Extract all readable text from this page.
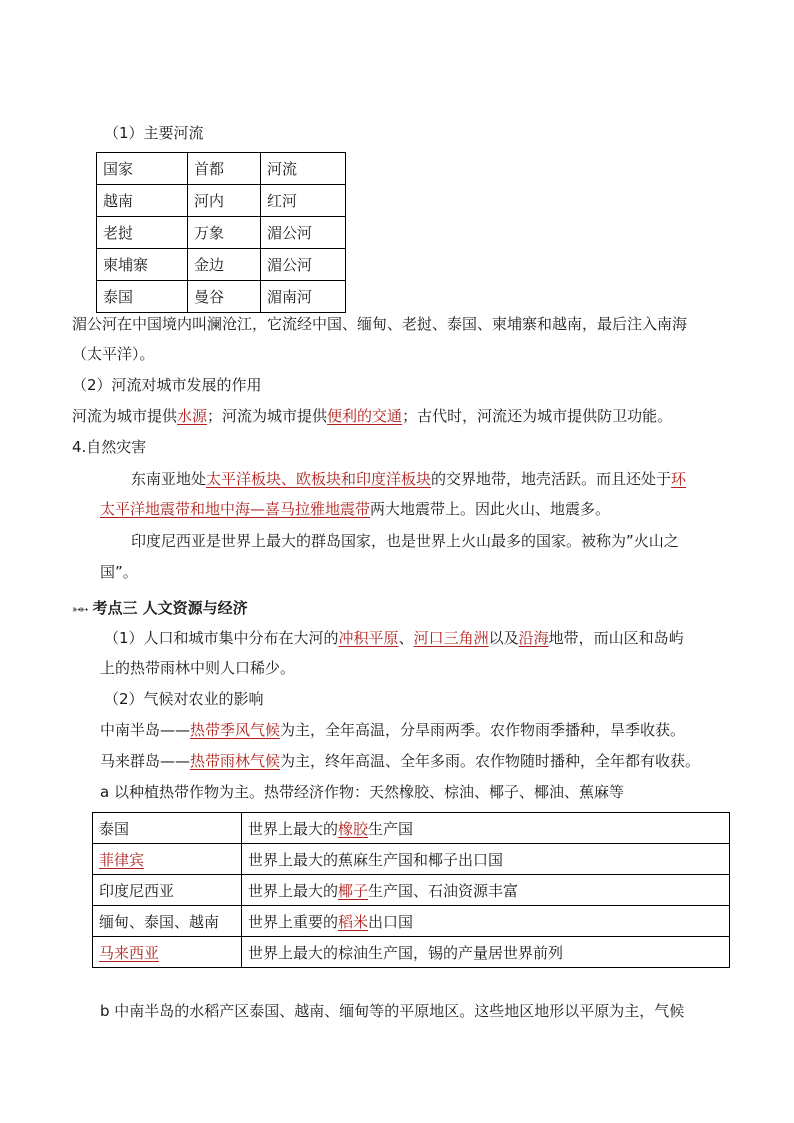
（1）主要河流
国家	首都	河流
越南	河内	红河
老挝	万象	湄公河
柬埔寨	金边	湄公河
泰国	曼谷	湄南河
湄公河在中国境内叫澜沧江，它流经中国、缅甸、老挝、泰国、柬埔寨和越南，最后注入南海
（太平洋）。
（2）河流对城市发展的作用
河流为城市提供水源；河流为城市提供便利的交通；古代时，河流还为城市提供防卫功能。
4.自然灾害
东南亚地处太平洋板块、欧板块和印度洋板块的交界地带，地壳活跃。而且还处于环
太平洋地震带和地中海—喜马拉雅地震带两大地震带上。因此火山、地震多。
印度尼西亚是世界上最大的群岛国家，也是世界上火山最多的国家。被称为”火山之
国”。
➳➳ 考点三 人文资源与经济
（1）人口和城市集中分布在大河的冲积平原、河口三角洲以及沿海地带，而山区和岛屿
上的热带雨林中则人口稀少。
（2）气候对农业的影响
中南半岛——热带季风气候为主，全年高温，分旱雨两季。农作物雨季播种，旱季收获。
马来群岛——热带雨林气候为主，终年高温、全年多雨。农作物随时播种，全年都有收获。
a 以种植热带作物为主。热带经济作物：天然橡胶、棕油、椰子、椰油、蕉麻等
泰国	世界上最大的橡胶生产国
菲律宾	世界上最大的蕉麻生产国和椰子出口国
印度尼西亚	世界上最大的椰子生产国、石油资源丰富
缅甸、泰国、越南	世界上重要的稻米出口国
马来西亚	世界上最大的棕油生产国，锡的产量居世界前列
b 中南半岛的水稻产区泰国、越南、缅甸等的平原地区。这些地区地形以平原为主，气候
